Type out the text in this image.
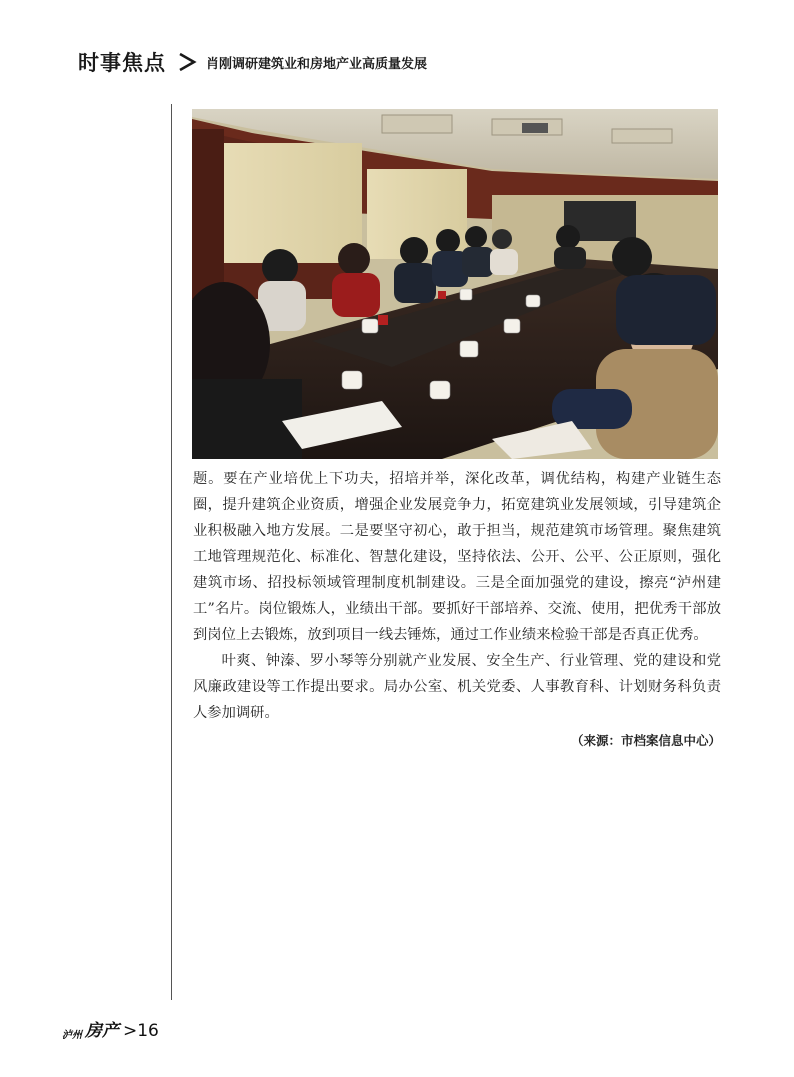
时事焦点	肖刚调研建筑业和房地产业高质量发展

题。要在产业培优上下功夫，招培并举，深化改革，调优结构，构建产业链生态圈，提升建筑企业资质，增强企业发展竞争力，拓宽建筑业发展领域，引导建筑企业积极融入地方发展。二是要坚守初心，敢于担当，规范建筑市场管理。聚焦建筑工地管理规范化、标准化、智慧化建设，坚持依法、公开、公平、公正原则，强化建筑市场、招投标领域管理制度机制建设。三是全面加强党的建设，擦亮“泸州建工”名片。岗位锻炼人，业绩出干部。要抓好干部培养、交流、使用，把优秀干部放到岗位上去锻炼，放到项目一线去锤炼，通过工作业绩来检验干部是否真正优秀。

叶爽、钟溱、罗小琴等分别就产业发展、安全生产、行业管理、党的建设和党风廉政建设等工作提出要求。局办公室、机关党委、人事教育科、计划财务科负责人参加调研。

（来源：市档案信息中心）
泸州 房产 >16
